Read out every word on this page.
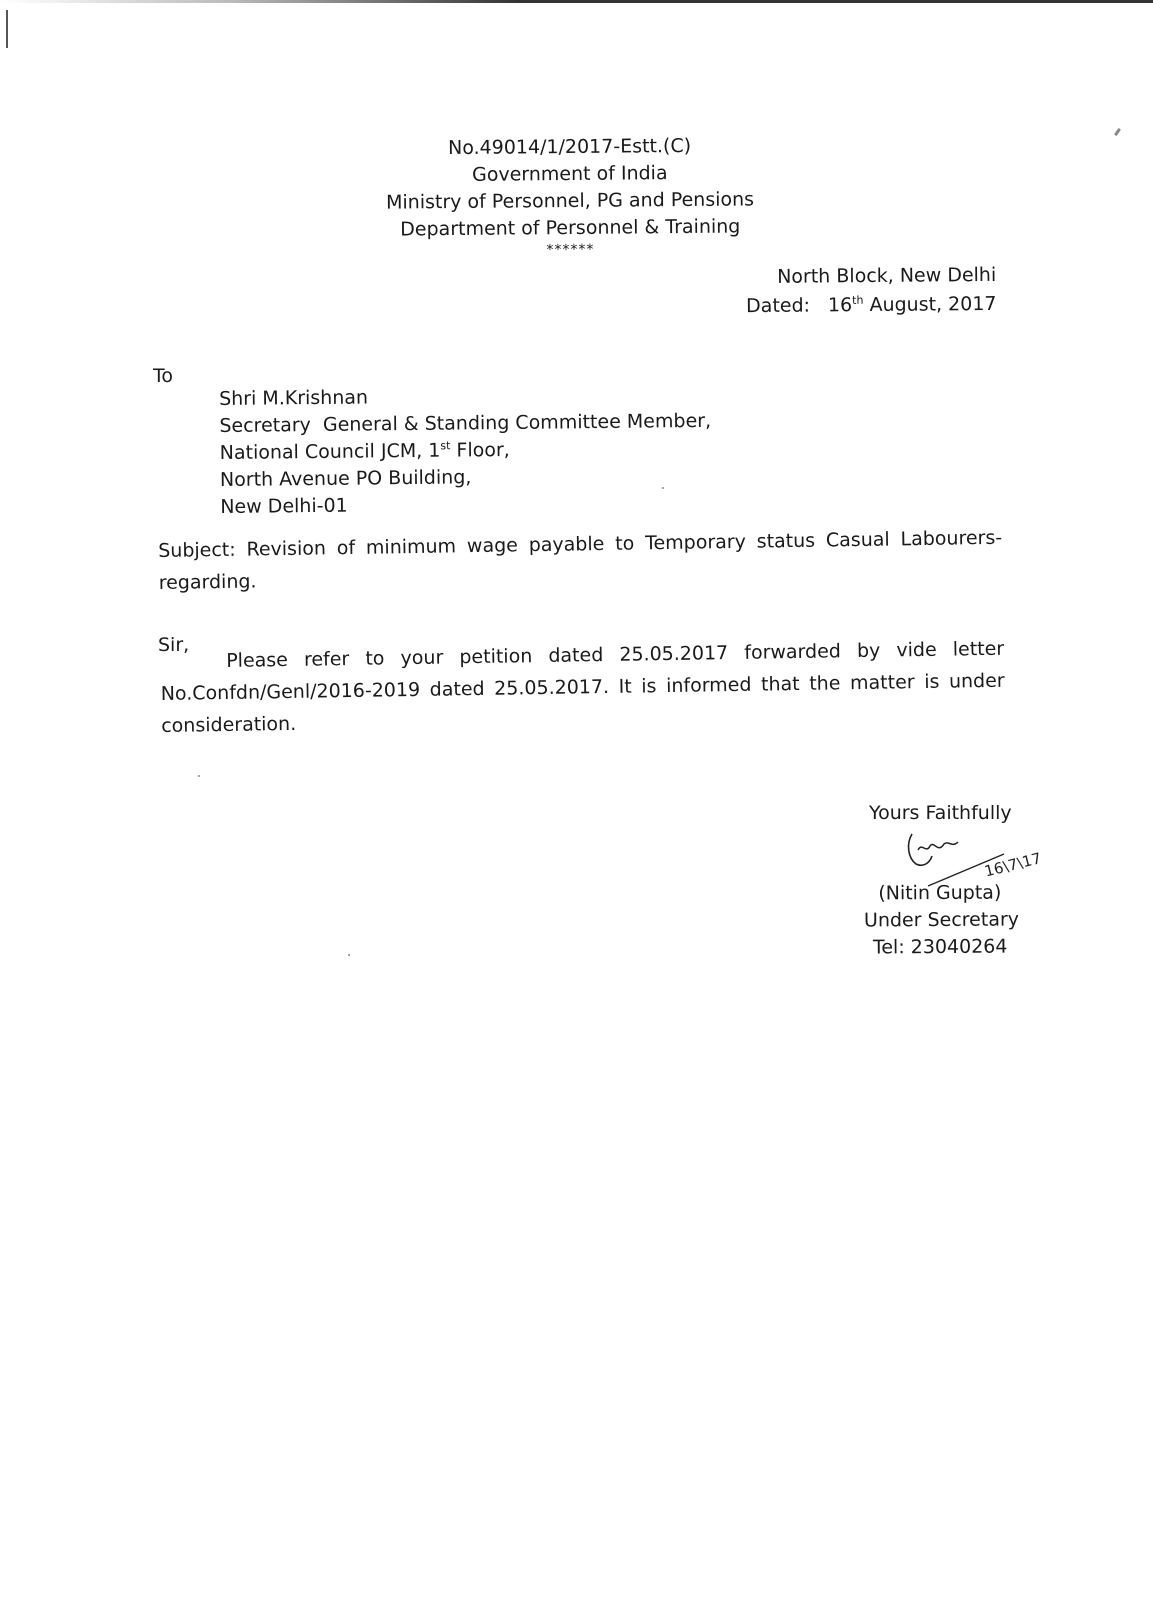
No.49014/1/2017-Estt.(C)
Government of India
Ministry of Personnel, PG and Pensions
Department of Personnel & Training
******
North Block, New Delhi
Dated: 16th August, 2017
To
Shri M.Krishnan
Secretary  General & Standing Committee Member,
National Council JCM, 1st Floor,
North Avenue PO Building,
New Delhi-01
Subject: Revision of minimum wage payable to Temporary status Casual Labourers-regarding.
Sir,	Please refer to your petition dated 25.05.2017 forwarded by vide letter No.Confdn/Genl/2016-2019 dated 25.05.2017. It is informed that the matter is under consideration.
Yours Faithfully
16\7\17
(Nitin Gupta)
Under Secretary
Tel: 23040264
